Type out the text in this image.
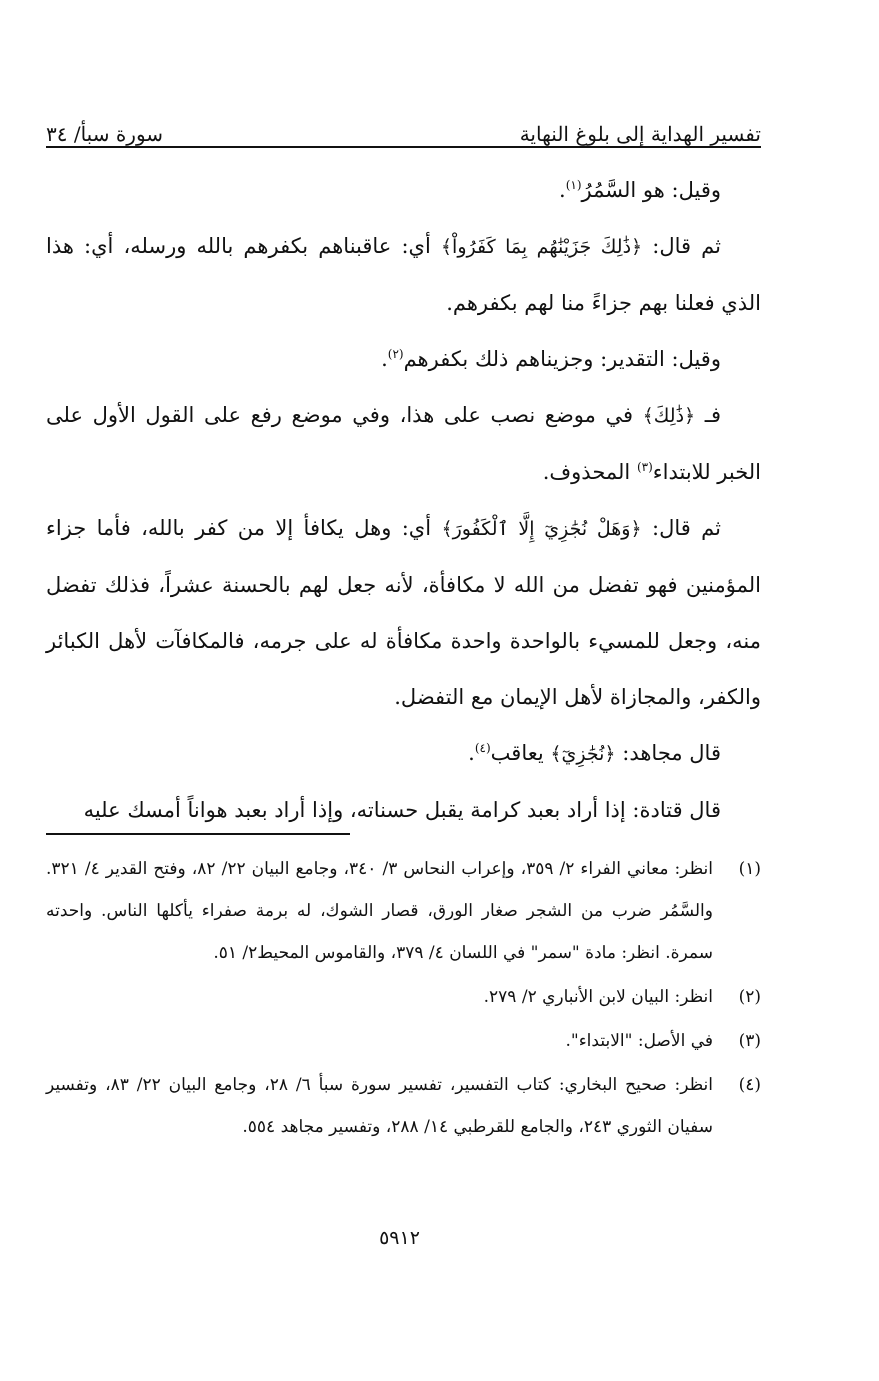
تفسير الهداية إلى بلوغ النهاية
سورة سبأ/ ٣٤

وقيل: هو السَّمُرُ$^{(١)}$.

ثم قال: ﴿ذَٰلِكَ جَزَيْنَٰهُم بِمَا كَفَرُواْ﴾ أي: عاقبناهم بكفرهم بالله ورسله، أي: هذا الذي فعلنا بهم جزاءً منا لهم بكفرهم.

وقيل: التقدير: وجزيناهم ذلك بكفرهم$^{(٢)}$.

فـ ﴿ذَٰلِكَ﴾ في موضع نصب على هذا، وفي موضع رفع على القول الأول على الخبر للابتداء$^{(٣)}$ المحذوف.

ثم قال: ﴿وَهَلْ نُجَٰزِيٓ إِلَّا ٱلْكَفُورَ﴾ أي: وهل يكافأ إلا من كفر بالله، فأما جزاء المؤمنين فهو تفضل من الله لا مكافأة، لأنه جعل لهم بالحسنة عشراً، فذلك تفضل منه، وجعل للمسيء بالواحدة واحدة مكافأة له على جرمه، فالمكافآت لأهل الكبائر والكفر، والمجازاة لأهل الإيمان مع التفضل.

قال مجاهد: ﴿نُجَٰزِيٓ﴾ يعاقب$^{(٤)}$.

قال قتادة: إذا أراد بعبد كرامة يقبل حسناته، وإذا أراد بعبد هواناً أمسك عليه

(١)
انظر: معاني الفراء ٢/ ٣٥٩، وإعراب النحاس ٣/ ٣٤٠، وجامع البيان ٢٢/ ٨٢، وفتح القدير ٤/ ٣٢١. والسَّمُر ضرب من الشجر صغار الورق، قصار الشوك، له برمة صفراء يأكلها الناس. واحدته سمرة. انظر: مادة "سمر" في اللسان ٤/ ٣٧٩، والقاموس المحيط٢/ ٥١.
(٢)
انظر: البيان لابن الأنباري ٢/ ٢٧٩.
(٣)
في الأصل: "الابتداء".
(٤)
انظر: صحيح البخاري: كتاب التفسير، تفسير سورة سبأ ٦/ ٢٨، وجامع البيان ٢٢/ ٨٣، وتفسير سفيان الثوري ٢٤٣، والجامع للقرطبي ١٤/ ٢٨٨، وتفسير مجاهد ٥٥٤.
٥٩١٢
